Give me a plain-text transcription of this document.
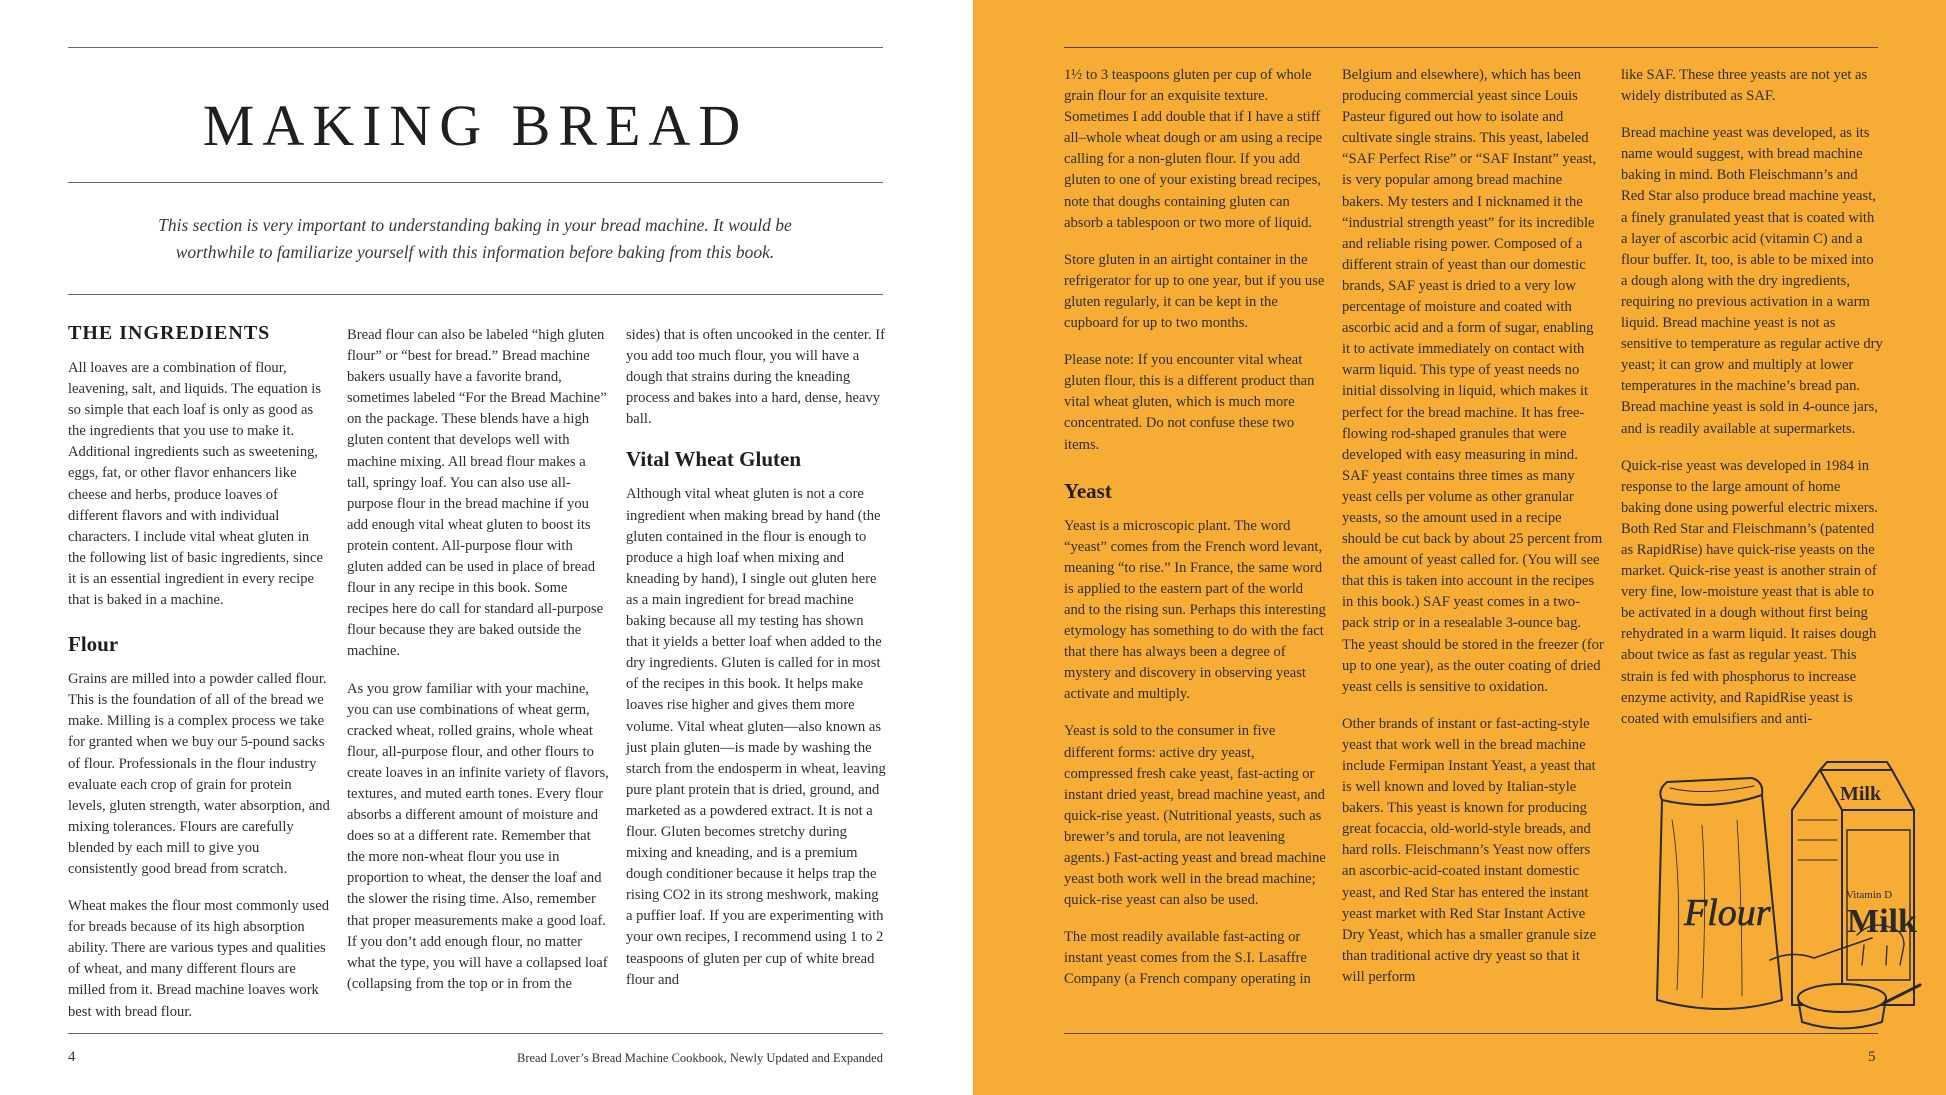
MAKING BREAD
This section is very important to understanding baking in your bread machine. It would be worthwhile to familiarize yourself with this information before baking from this book.
THE INGREDIENTS

All loaves are a combination of flour, leavening, salt, and liquids. The equation is so simple that each loaf is only as good as the ingredients that you use to make it. Additional ingredients such as sweetening, eggs, fat, or other flavor enhancers like cheese and herbs, produce loaves of different flavors and with individual characters. I include vital wheat gluten in the following list of basic ingredients, since it is an essential ingredient in every recipe that is baked in a machine.

Flour

Grains are milled into a powder called flour. This is the foundation of all of the bread we make. Milling is a complex process we take for granted when we buy our 5-pound sacks of flour. Professionals in the flour industry evaluate each crop of grain for protein levels, gluten strength, water absorption, and mixing tolerances. Flours are carefully blended by each mill to give you consistently good bread from scratch.

Wheat makes the flour most commonly used for breads because of its high absorption ability. There are various types and qualities of wheat, and many different flours are milled from it. Bread machine loaves work best with bread flour.

Bread flour can also be labeled “high gluten flour” or “best for bread.” Bread machine bakers usually have a favorite brand, sometimes labeled “For the Bread Machine” on the package. These blends have a high gluten content that develops well with machine mixing. All bread flour makes a tall, springy loaf. You can also use all-purpose flour in the bread machine if you add enough vital wheat gluten to boost its protein content. All-purpose flour with gluten added can be used in place of bread flour in any recipe in this book. Some recipes here do call for standard all-purpose flour because they are baked outside the machine.

As you grow familiar with your machine, you can use combinations of wheat germ, cracked wheat, rolled grains, whole wheat flour, all-purpose flour, and other flours to create loaves in an infinite variety of flavors, textures, and muted earth tones. Every flour absorbs a different amount of moisture and does so at a different rate. Remember that the more non-wheat flour you use in proportion to wheat, the denser the loaf and the slower the rising time. Also, remember that proper measurements make a good loaf. If you don’t add enough flour, no matter what the type, you will have a collapsed loaf (collapsing from the top or in from the

sides) that is often uncooked in the center. If you add too much flour, you will have a dough that strains during the kneading process and bakes into a hard, dense, heavy ball.

Vital Wheat Gluten

Although vital wheat gluten is not a core ingredient when making bread by hand (the gluten contained in the flour is enough to produce a high loaf when mixing and kneading by hand), I single out gluten here as a main ingredient for bread machine baking because all my testing has shown that it yields a better loaf when added to the dry ingredients. Gluten is called for in most of the recipes in this book. It helps make loaves rise higher and gives them more volume. Vital wheat gluten—also known as just plain gluten—is made by washing the starch from the endosperm in wheat, leaving pure plant protein that is dried, ground, and marketed as a powdered extract. It is not a flour. Gluten becomes stretchy during mixing and kneading, and is a premium dough conditioner because it helps trap the rising CO2 in its strong meshwork, making a puffier loaf. If you are experimenting with your own recipes, I recommend using 1 to 2 teaspoons of gluten per cup of white bread flour and

4	Bread Lover’s Bread Machine Cookbook, Newly Updated and Expanded

1½ to 3 teaspoons gluten per cup of whole grain flour for an exquisite texture. Sometimes I add double that if I have a stiff all–whole wheat dough or am using a recipe calling for a non-gluten flour. If you add gluten to one of your existing bread recipes, note that doughs containing gluten can absorb a tablespoon or two more of liquid.

Store gluten in an airtight container in the refrigerator for up to one year, but if you use gluten regularly, it can be kept in the cupboard for up to two months.

Please note: If you encounter vital wheat gluten flour, this is a different product than vital wheat gluten, which is much more concentrated. Do not confuse these two items.

Yeast

Yeast is a microscopic plant. The word “yeast” comes from the French word levant, meaning “to rise.” In France, the same word is applied to the eastern part of the world and to the rising sun. Perhaps this interesting etymology has something to do with the fact that there has always been a degree of mystery and discovery in observing yeast activate and multiply.

Yeast is sold to the consumer in five different forms: active dry yeast, compressed fresh cake yeast, fast-acting or instant dried yeast, bread machine yeast, and quick-rise yeast. (Nutritional yeasts, such as brewer’s and torula, are not leavening agents.) Fast-acting yeast and bread machine yeast both work well in the bread machine; quick-rise yeast can also be used.

The most readily available fast-acting or instant yeast comes from the S.I. Lasaffre Company (a French company operating in

Belgium and elsewhere), which has been producing commercial yeast since Louis Pasteur figured out how to isolate and cultivate single strains. This yeast, labeled “SAF Perfect Rise” or “SAF Instant” yeast, is very popular among bread machine bakers. My testers and I nicknamed it the “industrial strength yeast” for its incredible and reliable rising power. Composed of a different strain of yeast than our domestic brands, SAF yeast is dried to a very low percentage of moisture and coated with ascorbic acid and a form of sugar, enabling it to activate immediately on contact with warm liquid. This type of yeast needs no initial dissolving in liquid, which makes it perfect for the bread machine. It has free-flowing rod-shaped granules that were developed with easy measuring in mind. SAF yeast contains three times as many yeast cells per volume as other granular yeasts, so the amount used in a recipe should be cut back by about 25 percent from the amount of yeast called for. (You will see that this is taken into account in the recipes in this book.) SAF yeast comes in a two-pack strip or in a resealable 3-ounce bag. The yeast should be stored in the freezer (for up to one year), as the outer coating of dried yeast cells is sensitive to oxidation.

Other brands of instant or fast-acting-style yeast that work well in the bread machine include Fermipan Instant Yeast, a yeast that is well known and loved by Italian-style bakers. This yeast is known for producing great focaccia, old-world-style breads, and hard rolls. Fleischmann’s Yeast now offers an ascorbic-acid-coated instant domestic yeast, and Red Star has entered the instant yeast market with Red Star Instant Active Dry Yeast, which has a smaller granule size than traditional active dry yeast so that it will perform

like SAF. These three yeasts are not yet as widely distributed as SAF.

Bread machine yeast was developed, as its name would suggest, with bread machine baking in mind. Both Fleischmann’s and Red Star also produce bread machine yeast, a finely granulated yeast that is coated with a layer of ascorbic acid (vitamin C) and a flour buffer. It, too, is able to be mixed into a dough along with the dry ingredients, requiring no previous activation in a warm liquid. Bread machine yeast is not as sensitive to temperature as regular active dry yeast; it can grow and multiply at lower temperatures in the machine’s bread pan. Bread machine yeast is sold in 4-ounce jars, and is readily available at supermarkets.

Quick-rise yeast was developed in 1984 in response to the large amount of home baking done using powerful electric mixers. Both Red Star and Fleischmann’s (patented as RapidRise) have quick-rise yeasts on the market. Quick-rise yeast is another strain of very fine, low-moisture yeast that is able to be activated in a dough without first being rehydrated in a warm liquid. It raises dough about twice as fast as regular yeast. This strain is fed with phosphorus to increase enzyme activity, and RapidRise yeast is coated with emulsifiers and anti-

Flour	Vitamin D
Milk
Milk
5
